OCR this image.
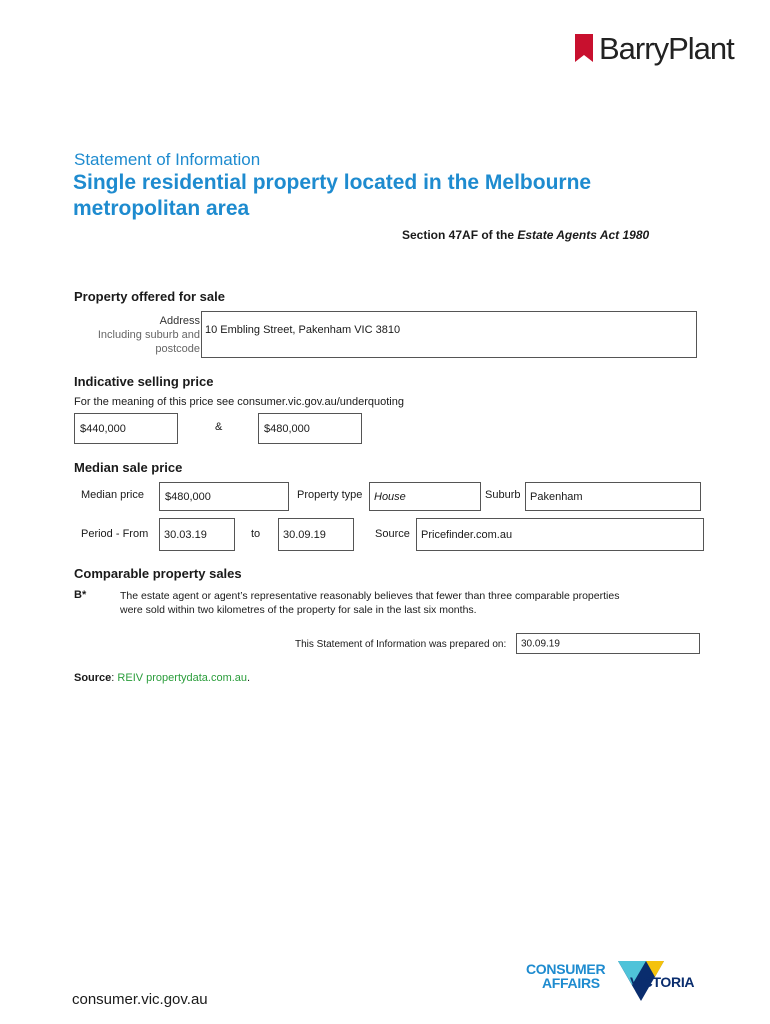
BarryPlant
Statement of Information
Single residential property located in the Melbourne
metropolitan area
Section 47AF of the Estate Agents Act 1980
Property offered for sale
Address
Including suburb and
postcode
10 Embling Street, Pakenham VIC 3810
Indicative selling price
For the meaning of this price see consumer.vic.gov.au/underquoting
$440,000	&	$480,000
Median sale price
Median price $480,000	Property type House	Suburb Pakenham
Period - From 30.03.19	to 30.09.19	Source Pricefinder.com.au
Comparable property sales
B*	The estate agent or agent’s representative reasonably believes that fewer than three comparable properties
were sold within two kilometres of the property for sale in the last six months.
This Statement of Information was prepared on: 30.09.19
Source: REIV propertydata.com.au.
consumer.vic.gov.au
CONSUMER
AFFAIRS VICTORIA
